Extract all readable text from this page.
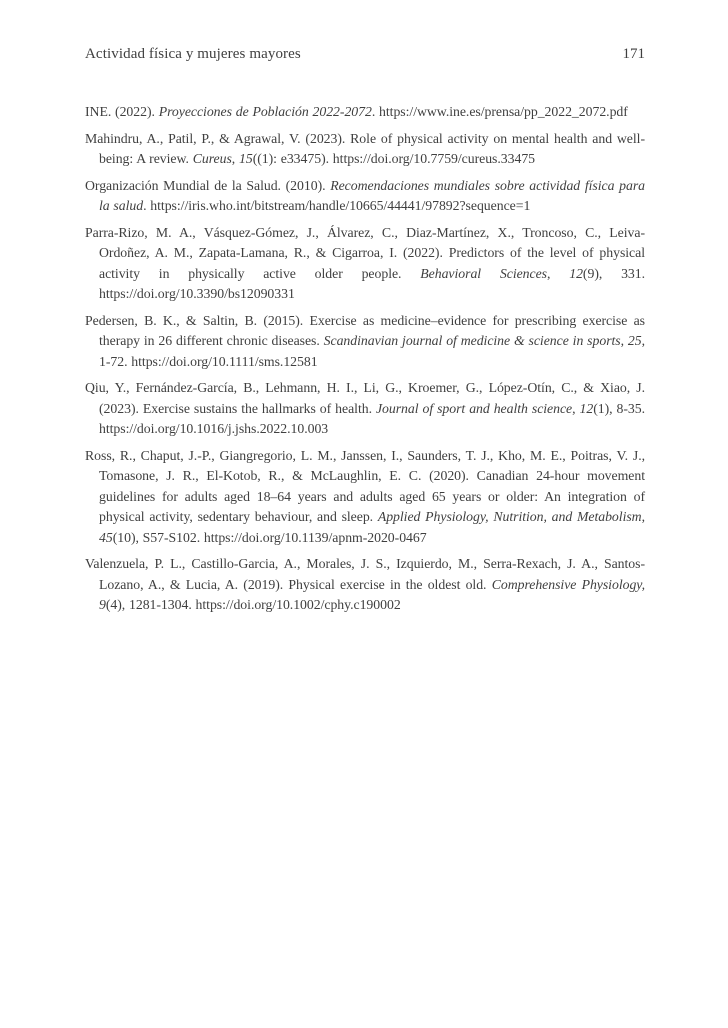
Actividad física y mujeres mayores	171

INE. (2022). Proyecciones de Población 2022-2072. https://www.ine.es/prensa/pp_2022_2072.pdf

Mahindru, A., Patil, P., & Agrawal, V. (2023). Role of physical activity on mental health and well-being: A review. Cureus, 15((1): e33475). https://doi.org/10.7759/cureus.33475

Organización Mundial de la Salud. (2010). Recomendaciones mundiales sobre actividad física para la salud. https://iris.who.int/bitstream/handle/10665/44441/97892?sequence=1

Parra-Rizo, M. A., Vásquez-Gómez, J., Álvarez, C., Diaz-Martínez, X., Troncoso, C., Leiva-Ordoñez, A. M., Zapata-Lamana, R., & Cigarroa, I. (2022). Predictors of the level of physical activity in physically active older people. Behavioral Sciences, 12(9), 331. https://doi.org/10.3390/bs12090331

Pedersen, B. K., & Saltin, B. (2015). Exercise as medicine–evidence for prescribing exercise as therapy in 26 different chronic diseases. Scandinavian journal of medicine & science in sports, 25, 1-72. https://doi.org/10.1111/sms.12581

Qiu, Y., Fernández-García, B., Lehmann, H. I., Li, G., Kroemer, G., López-Otín, C., & Xiao, J. (2023). Exercise sustains the hallmarks of health. Journal of sport and health science, 12(1), 8-35. https://doi.org/10.1016/j.jshs.2022.10.003

Ross, R., Chaput, J.-P., Giangregorio, L. M., Janssen, I., Saunders, T. J., Kho, M. E., Poitras, V. J., Tomasone, J. R., El-Kotob, R., & McLaughlin, E. C. (2020). Canadian 24-hour movement guidelines for adults aged 18–64 years and adults aged 65 years or older: An integration of physical activity, sedentary behaviour, and sleep. Applied Physiology, Nutrition, and Metabolism, 45(10), S57-S102. https://doi.org/10.1139/apnm-2020-0467

Valenzuela, P. L., Castillo-Garcia, A., Morales, J. S., Izquierdo, M., Serra-Rexach, J. A., Santos-Lozano, A., & Lucia, A. (2019). Physical exercise in the oldest old. Comprehensive Physiology, 9(4), 1281-1304. https://doi.org/10.1002/cphy.c190002
